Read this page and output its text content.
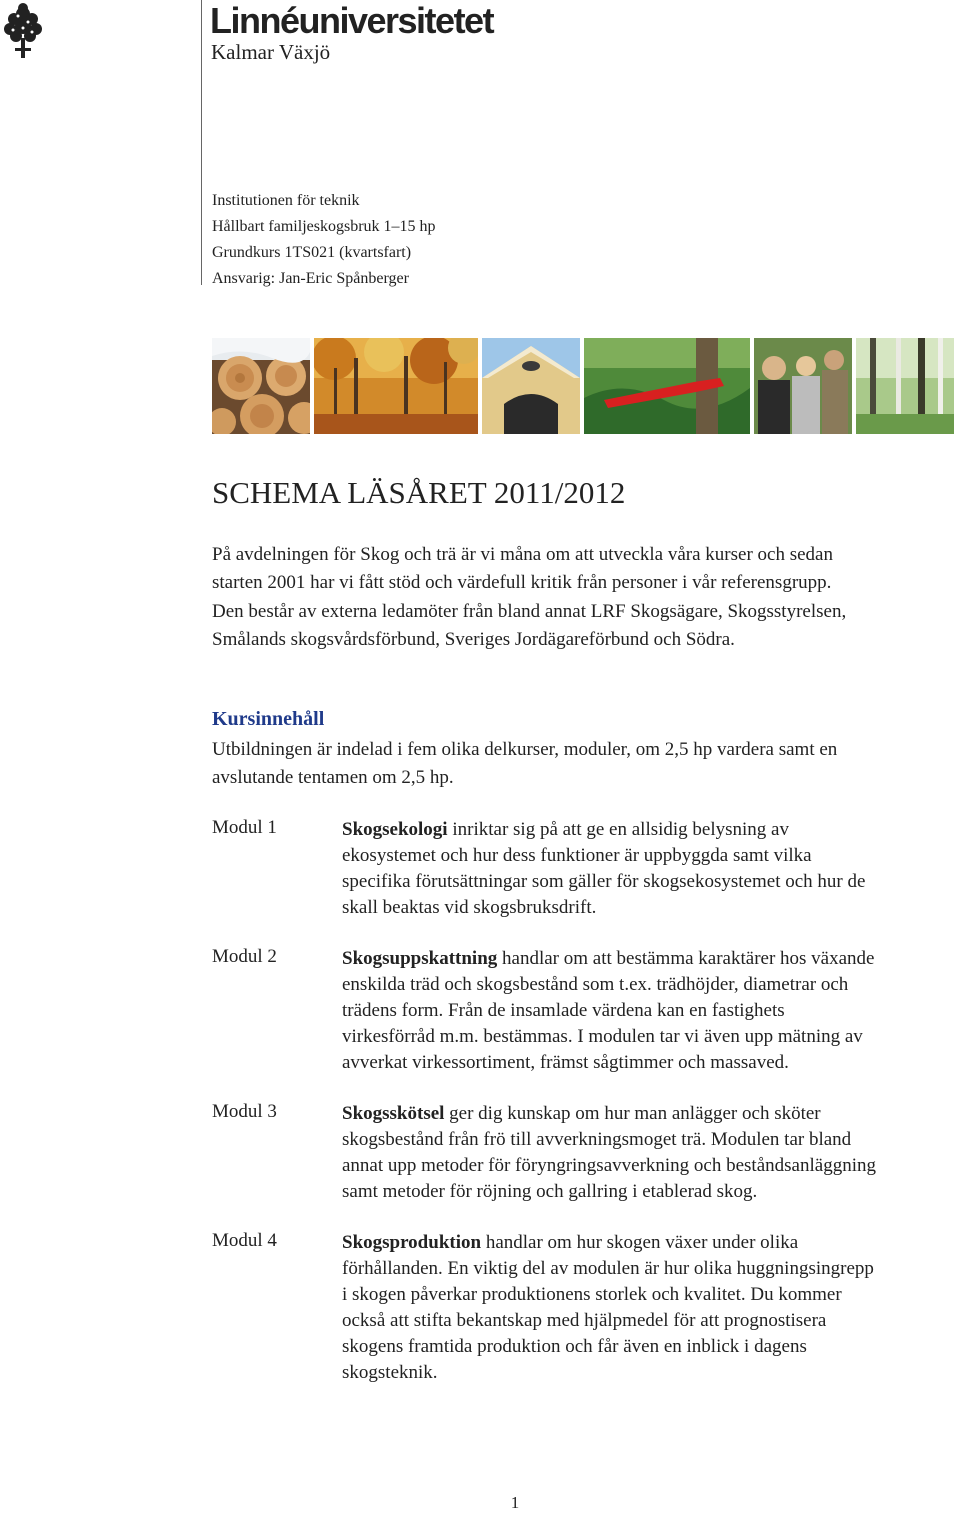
Linnéuniversitetet
Kalmar Växjö
Institutionen för teknik
Hållbart familjeskogsbruk 1–15 hp
Grundkurs 1TS021 (kvartsfart)
Ansvarig: Jan-Eric Spånberger
SCHEMA LÄSÅRET 2011/2012
På avdelningen för Skog och trä är vi måna om att utveckla våra kurser och sedan
starten 2001 har vi fått stöd och värdefull kritik från personer i vår referensgrupp.
Den består av externa ledamöter från bland annat LRF Skogsägare, Skogsstyrelsen,
Smålands skogsvårdsförbund, Sveriges Jordägareförbund och Södra.
Kursinnehåll
Utbildningen är indelad i fem olika delkurser, moduler, om 2,5 hp vardera samt en
avslutande tentamen om 2,5 hp.
Modul 1	Skogsekologi inriktar sig på att ge en allsidig belysning av
ekosystemet och hur dess funktioner är uppbyggda samt vilka
specifika förutsättningar som gäller för skogsekosystemet och hur de
skall beaktas vid skogsbruksdrift.
Modul 2	Skogsuppskattning handlar om att bestämma karaktärer hos växande
enskilda träd och skogsbestånd som t.ex. trädhöjder, diametrar och
trädens form. Från de insamlade värdena kan en fastighets
virkesförråd m.m. bestämmas. I modulen tar vi även upp mätning av
avverkat virkessortiment, främst sågtimmer och massaved.
Modul 3	Skogsskötsel ger dig kunskap om hur man anlägger och sköter
skogsbestånd från frö till avverkningsmoget trä. Modulen tar bland
annat upp metoder för föryngringsavverkning och beståndsanläggning
samt metoder för röjning och gallring i etablerad skog.
Modul 4	Skogsproduktion handlar om hur skogen växer under olika
förhållanden. En viktig del av modulen är hur olika huggningsingrepp
i skogen påverkar produktionens storlek och kvalitet. Du kommer
också att stifta bekantskap med hjälpmedel för att prognostisera
skogens framtida produktion och får även en inblick i dagens
skogsteknik.
1
